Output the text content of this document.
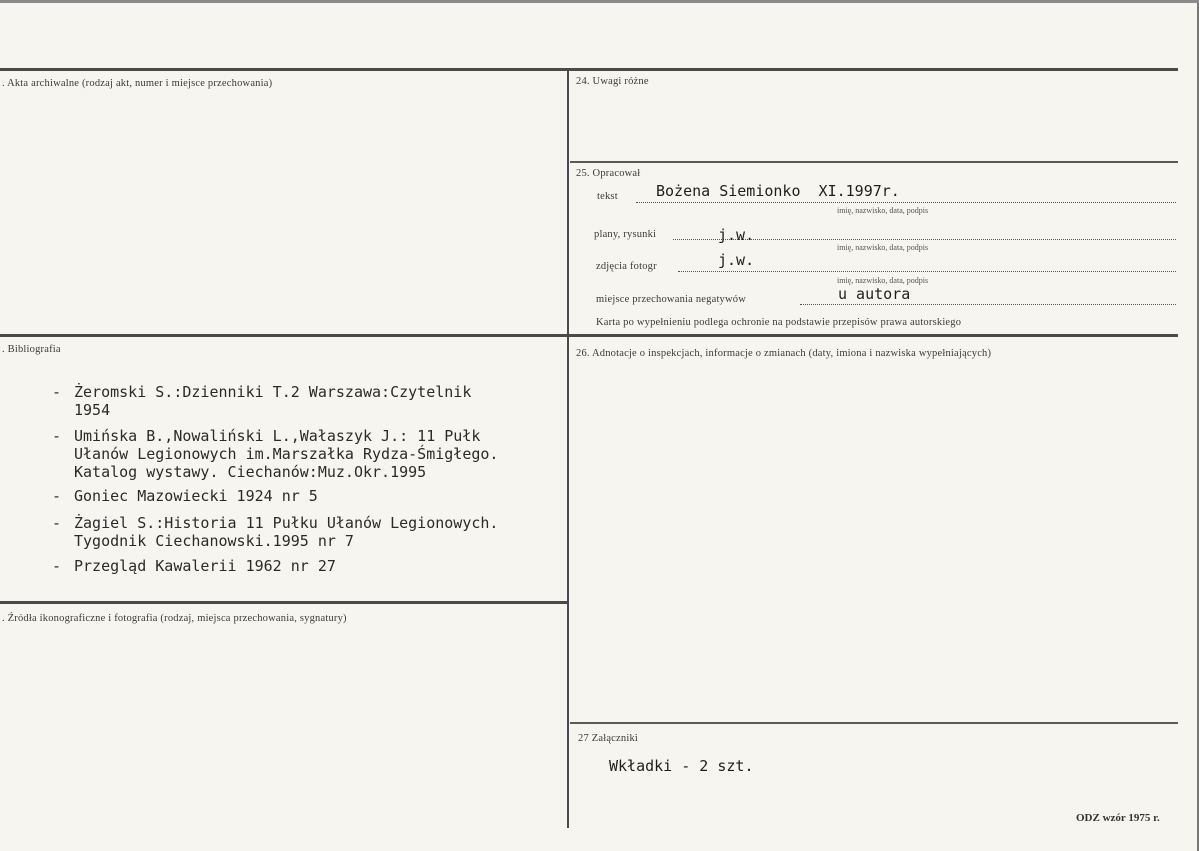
. Akta archiwalne (rodzaj akt, numer i miejsce przechowania)	24. Uwagi różne
25. Opracował
tekst	Bożena Siemionko  XI.1997r.
imię, nazwisko, data, podpis
plany, rysunki	j.w.
imię, nazwisko, data, podpis
zdjęcia fotogr	j.w.
imię, nazwisko, data, podpis
miejsce przechowania negatywów	u autora
Karta po wypełnieniu podlega ochronie na podstawie przepisów prawa autorskiego
. Bibliografia
- Żeromski S.:Dzienniki T.2 Warszawa:Czytelnik
1954
- Umińska B.,Nowaliński L.,Wałaszyk J.: 11 Pułk
Ułanów Legionowych im.Marszałka Rydza-Śmigłego.
Katalog wystawy. Ciechanów:Muz.Okr.1995
- Goniec Mazowiecki 1924 nr 5
- Żagiel S.:Historia 11 Pułku Ułanów Legionowych.
Tygodnik Ciechanowski.1995 nr 7
- Przegląd Kawalerii 1962 nr 27
26. Adnotacje o inspekcjach, informacje o zmianach (daty, imiona i nazwiska wypełniających)
. Źródła ikonograficzne i fotografia (rodzaj, miejsca przechowania, sygnatury)
27 Załączniki
Wkładki - 2 szt.
ODZ wzór 1975 r.
